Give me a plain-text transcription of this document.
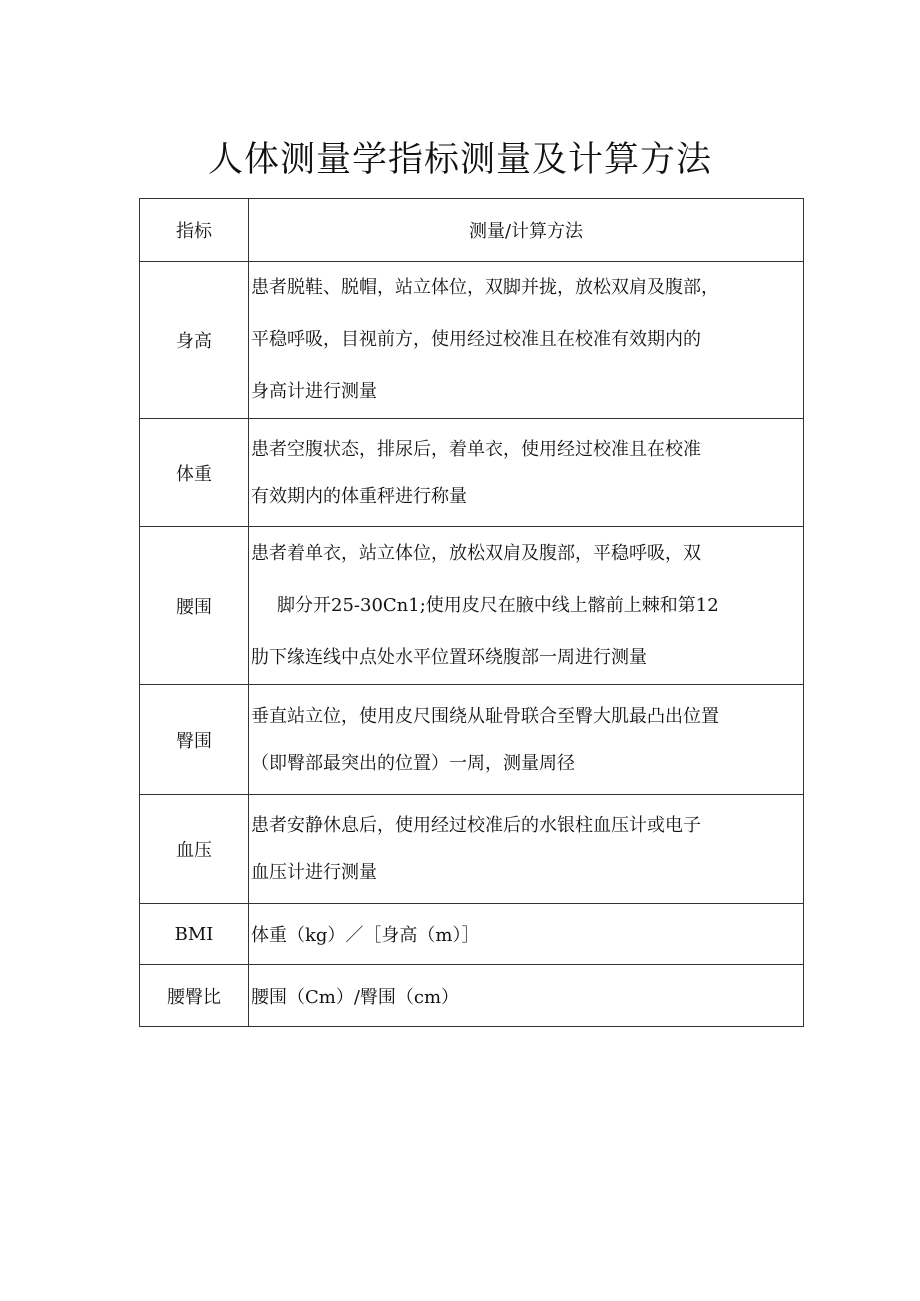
人体测量学指标测量及计算方法
指标	测量/计算方法
身高	患者脱鞋、脱帽，站立体位，双脚并拢，放松双肩及腹部，
平稳呼吸，目视前方，使用经过校准且在校准有效期内的
身高计进行测量

体重	患者空腹状态，排尿后，着单衣，使用经过校准且在校准
有效期内的体重秤进行称量

腰围	患者着单衣，站立体位，放松双肩及腹部，平稳呼吸，双
脚分开25-30Cn1;使用皮尺在腋中线上髂前上棘和第12
肋下缘连线中点处水平位置环绕腹部一周进行测量

臀围	垂直站立位，使用皮尺围绕从耻骨联合至臀大肌最凸出位置
（即臀部最突出的位置）一周，测量周径

血压	患者安静休息后，使用经过校准后的水银柱血压计或电子
血压计进行测量

BMI	体重（kg）／［身高（m）］

腰臀比	腰围（Cm）/臀围（cm）
